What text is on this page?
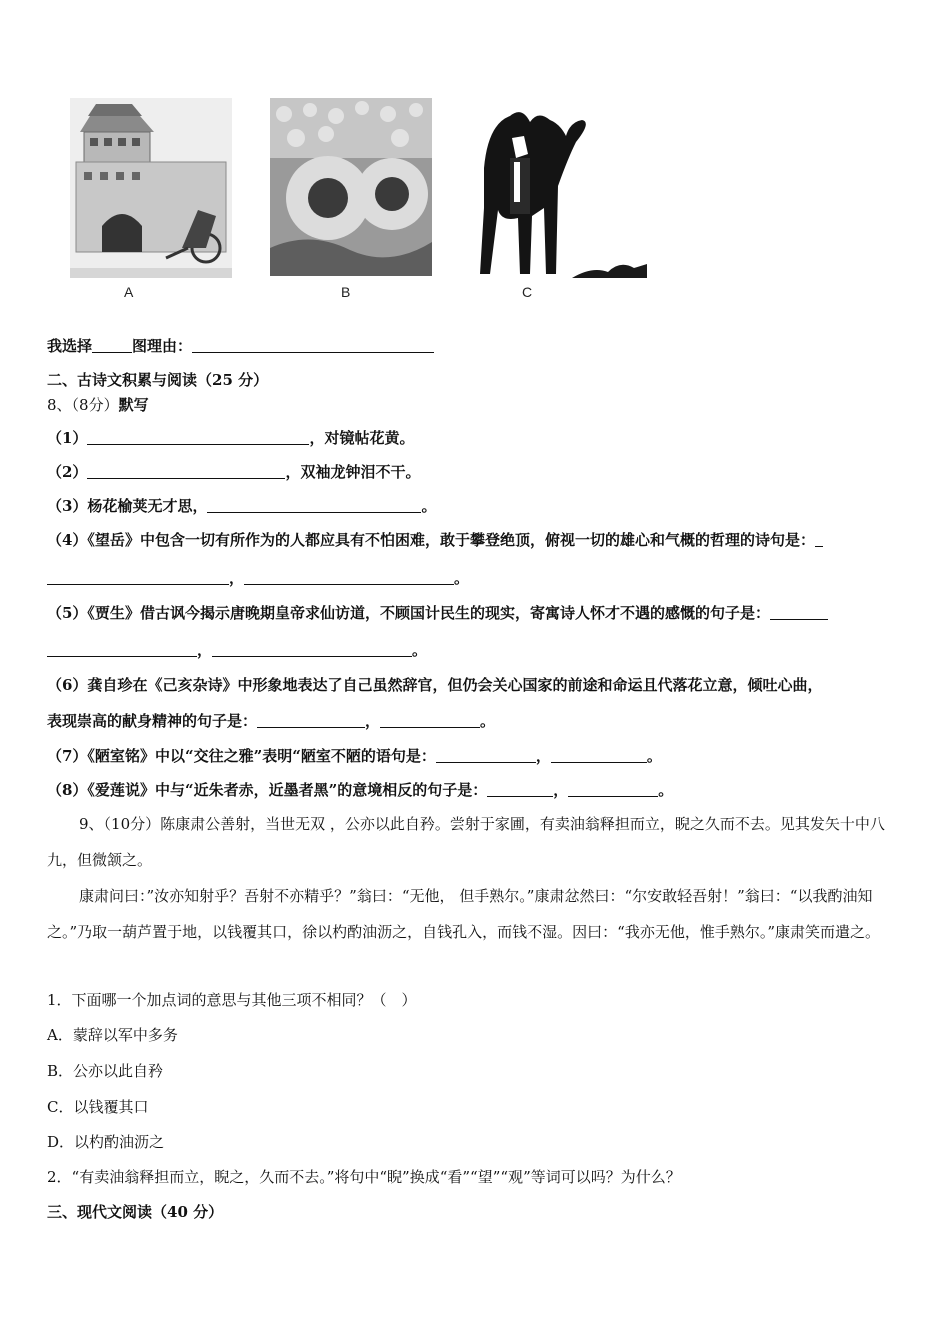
A	B	C
我选择	图理由：
二、古诗文积累与阅读（25 分）
8、（8分）默写
（1）	，对镜帖花黄。
（2）	，双袖龙钟泪不干。
（3）杨花榆荚无才思，	。
（4）《望岳》中包含一切有所作为的人都应具有不怕困难，敢于攀登绝顶，俯视一切的雄心和气概的哲理的诗句是：
，	。
（5）《贾生》借古讽今揭示唐晚期皇帝求仙访道，不顾国计民生的现实，寄寓诗人怀才不遇的感慨的句子是：
，	。
（6）龚自珍在《己亥杂诗》中形象地表达了自己虽然辞官，但仍会关心国家的前途和命运且代落花立意，倾吐心曲，
表现崇高的献身精神的句子是：	，	。
（7）《陋室铭》中以“交往之雅”表明“陋室不陋的语句是：	，	。
（8）《爱莲说》中与“近朱者赤，近墨者黑”的意境相反的句子是：	，	。
9、（10分）陈康肃公善射，当世无双 ，公亦以此自矜。尝射于家圃，有卖油翁释担而立，睨之久而不去。见其发矢十中八九，但微颔之。
康肃问曰：”汝亦知射乎？吾射不亦精乎？”翁曰：“无他， 但手熟尔。”康肃忿然曰：“尔安敢轻吾射！”翁曰：“以我酌油知之。”乃取一葫芦置于地，以钱覆其口，徐以杓酌油沥之，自钱孔入，而钱不湿。因曰：“我亦无他，惟手熟尔。”康肃笑而遣之。
1．下面哪一个加点词的意思与其他三项不相同？（　）
A．蒙辞以军中多务
B．公亦以此自矜
C．以钱覆其口
D．以杓酌油沥之
2．“有卖油翁释担而立，睨之，久而不去。”将句中“睨”换成“看”“望”“观”等词可以吗？为什么？
三、现代文阅读（40 分）
